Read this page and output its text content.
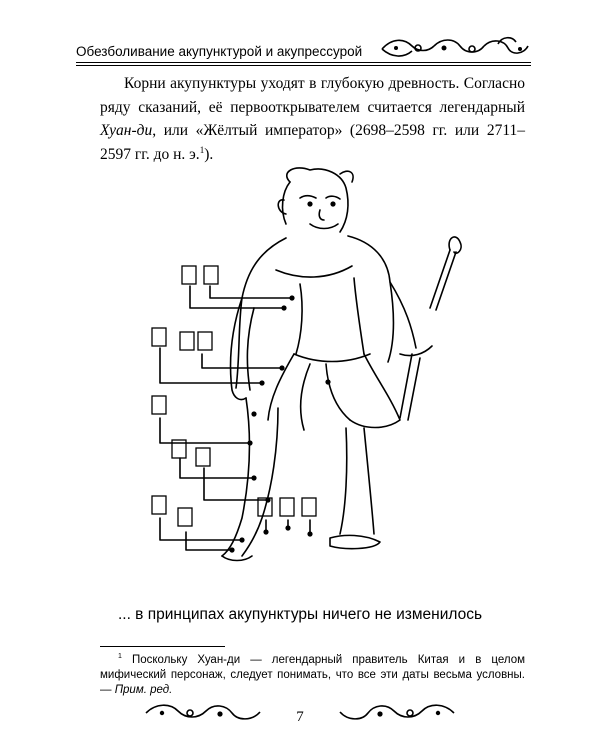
Обезболивание акупунктурой и акупрессурой

Корни акупунктуры уходят в глубокую древность. Согласно ряду сказаний, её первооткрывателем считается легендарный Хуан-ди, или «Жёлтый император» (2698–2598 гг. или 2711–2597 гг. до н. э.$^1$).

... в принципах акупунктуры ничего не изменилось

$^1$ Поскольку Хуан-ди — легендарный правитель Китая и в целом мифический персонаж, следует понимать, что все эти даты весьма условны. — Прим. ред.

7
